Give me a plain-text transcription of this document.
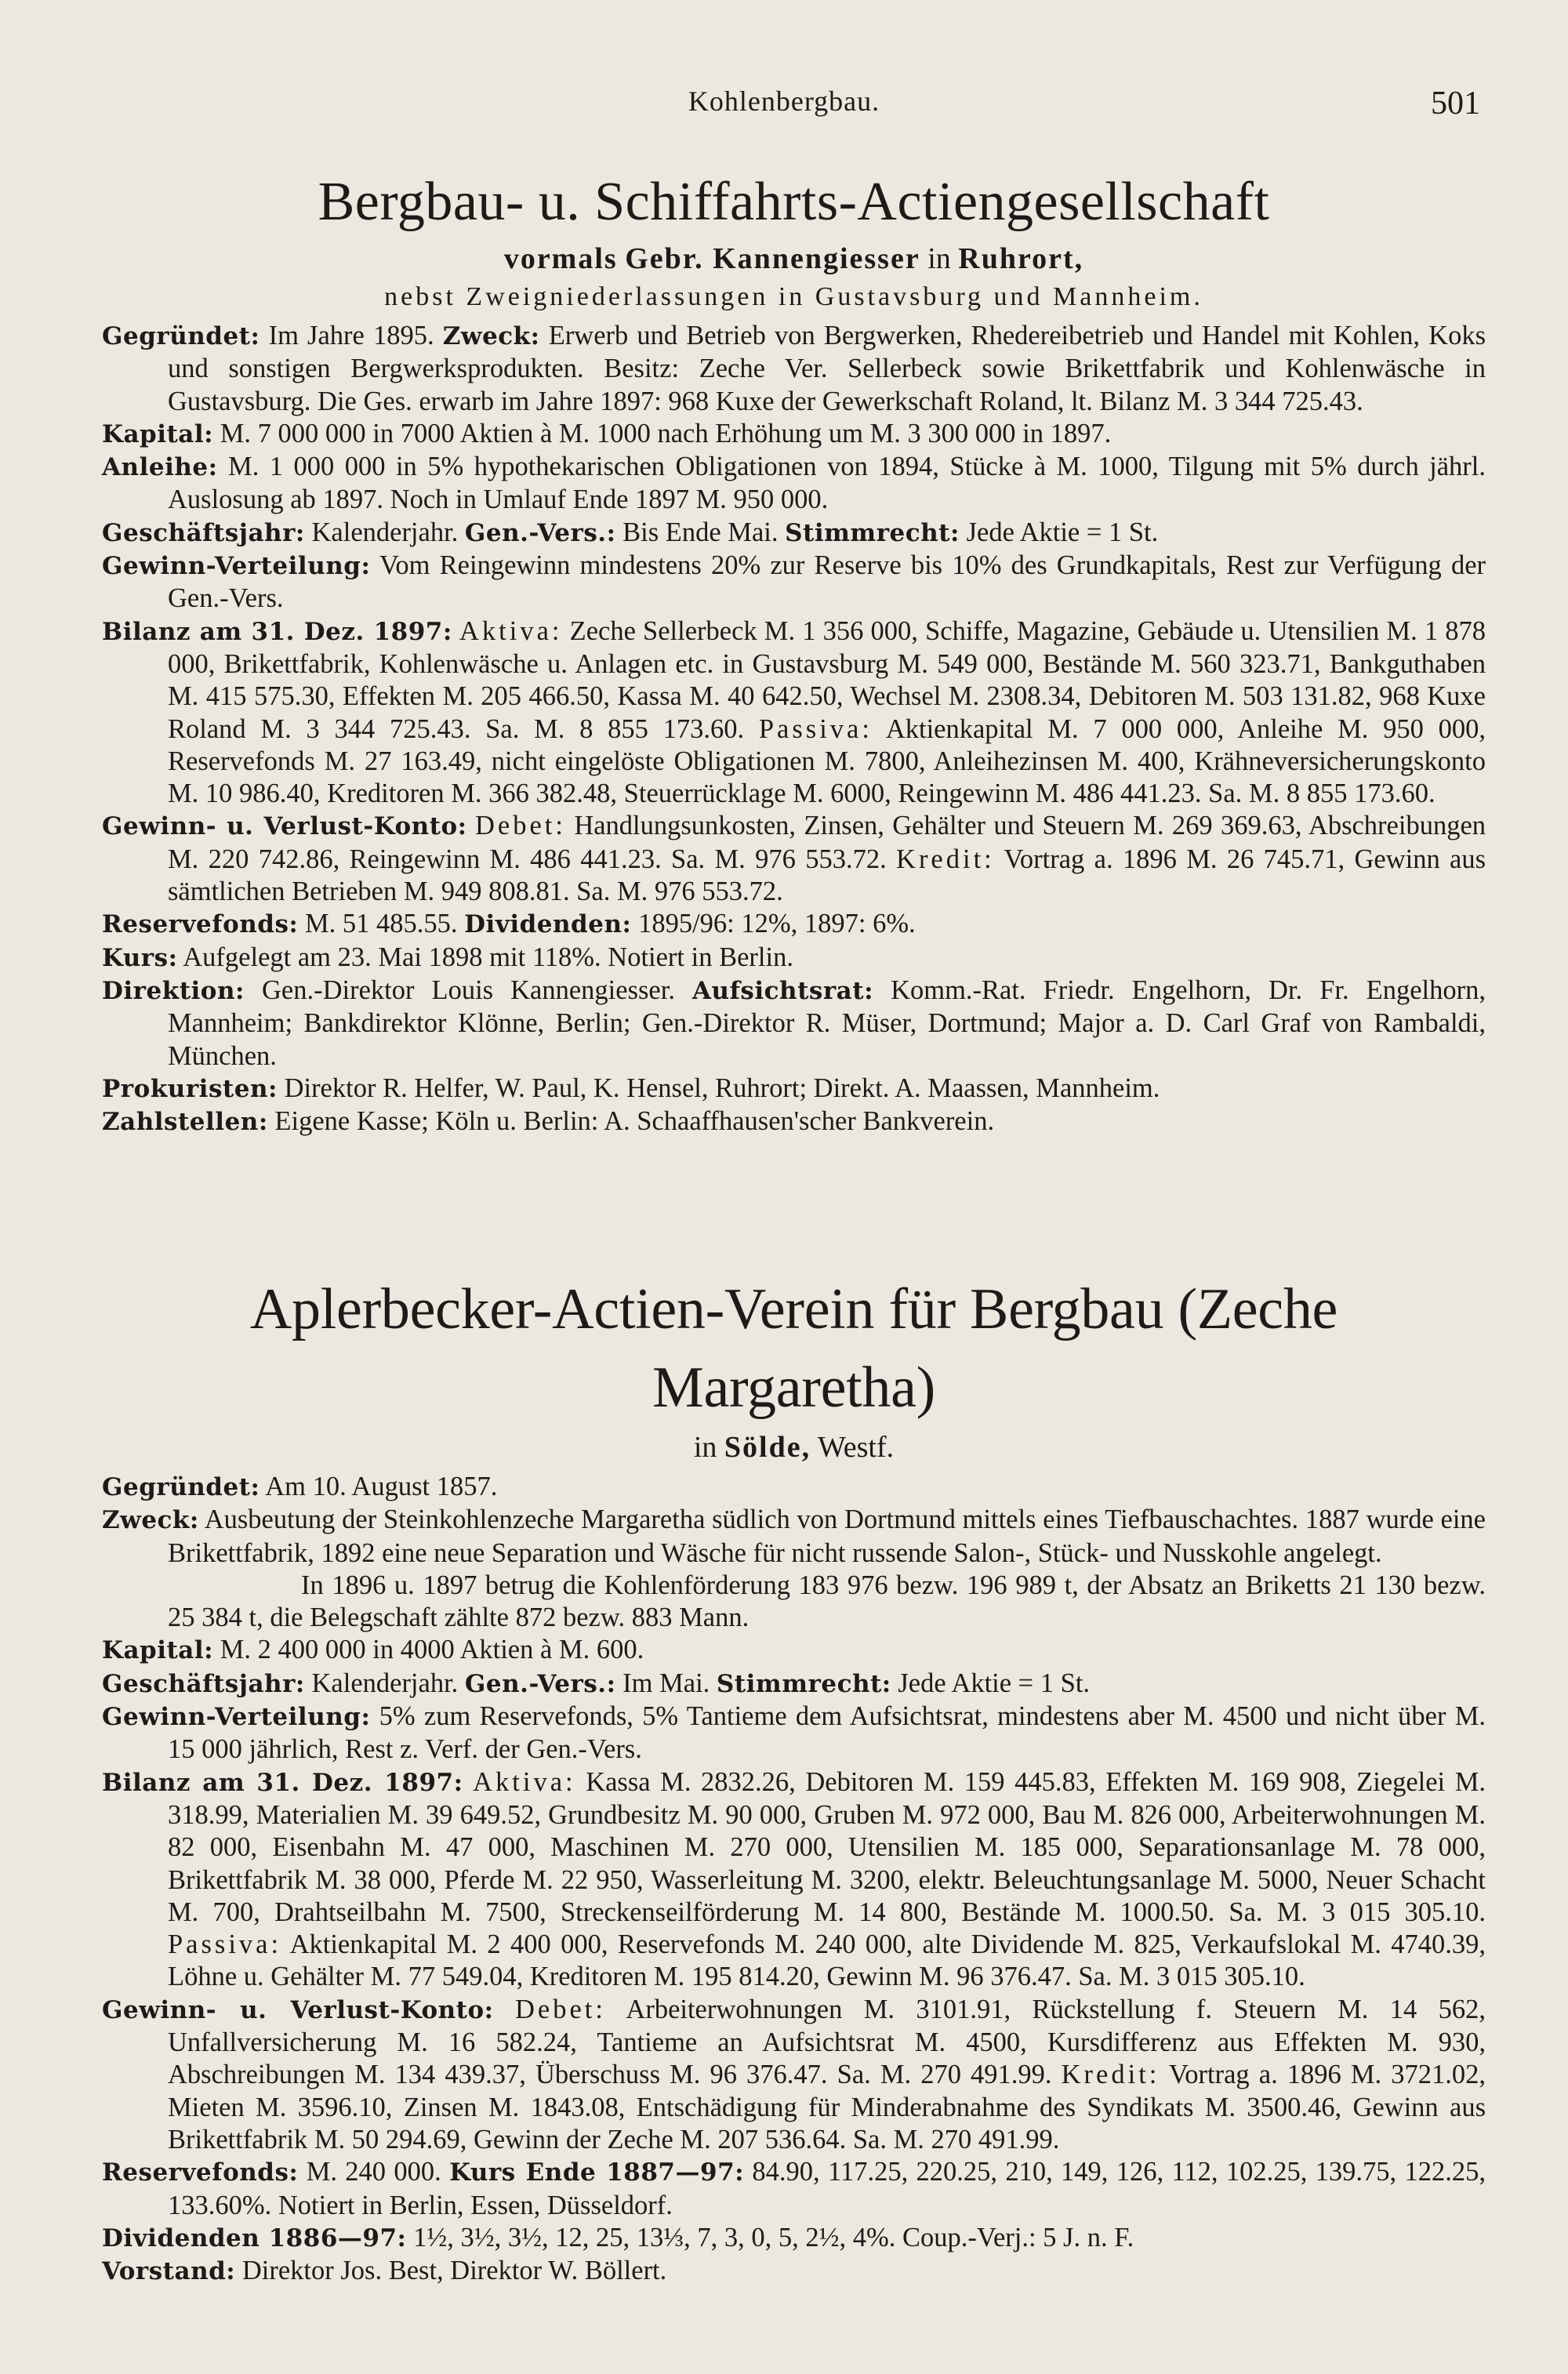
Kohlenbergbau.	501
Bergbau- u. Schiffahrts-Actiengesellschaft
vormals Gebr. Kannengiesser in Ruhrort,
nebst Zweigniederlassungen in Gustavsburg und Mannheim.

Gegründet: Im Jahre 1895. Zweck: Erwerb und Betrieb von Bergwerken, Rhedereibetrieb und Handel mit Kohlen, Koks und sonstigen Bergwerksprodukten. Besitz: Zeche Ver. Sellerbeck sowie Brikettfabrik und Kohlenwäsche in Gustavsburg. Die Ges. erwarb im Jahre 1897: 968 Kuxe der Gewerkschaft Roland, lt. Bilanz M. 3 344 725.43.

Kapital: M. 7 000 000 in 7000 Aktien à M. 1000 nach Erhöhung um M. 3 300 000 in 1897.

Anleihe: M. 1 000 000 in 5% hypothekarischen Obligationen von 1894, Stücke à M. 1000, Tilgung mit 5% durch jährl. Auslosung ab 1897. Noch in Umlauf Ende 1897 M. 950 000.

Geschäftsjahr: Kalenderjahr. Gen.-Vers.: Bis Ende Mai. Stimmrecht: Jede Aktie = 1 St.

Gewinn-Verteilung: Vom Reingewinn mindestens 20% zur Reserve bis 10% des Grundkapitals, Rest zur Verfügung der Gen.-Vers.

Bilanz am 31. Dez. 1897: Aktiva: Zeche Sellerbeck M. 1 356 000, Schiffe, Magazine, Gebäude u. Utensilien M. 1 878 000, Brikettfabrik, Kohlenwäsche u. Anlagen etc. in Gustavsburg M. 549 000, Bestände M. 560 323.71, Bankguthaben M. 415 575.30, Effekten M. 205 466.50, Kassa M. 40 642.50, Wechsel M. 2308.34, Debitoren M. 503 131.82, 968 Kuxe Roland M. 3 344 725.43. Sa. M. 8 855 173.60. Passiva: Aktienkapital M. 7 000 000, Anleihe M. 950 000, Reservefonds M. 27 163.49, nicht eingelöste Obligationen M. 7800, Anleihezinsen M. 400, Krähneversicherungskonto M. 10 986.40, Kreditoren M. 366 382.48, Steuerrücklage M. 6000, Reingewinn M. 486 441.23. Sa. M. 8 855 173.60.

Gewinn- u. Verlust-Konto: Debet: Handlungsunkosten, Zinsen, Gehälter und Steuern M. 269 369.63, Abschreibungen M. 220 742.86, Reingewinn M. 486 441.23. Sa. M. 976 553.72. Kredit: Vortrag a. 1896 M. 26 745.71, Gewinn aus sämtlichen Betrieben M. 949 808.81. Sa. M. 976 553.72.

Reservefonds: M. 51 485.55. Dividenden: 1895/96: 12%, 1897: 6%.

Kurs: Aufgelegt am 23. Mai 1898 mit 118%. Notiert in Berlin.

Direktion: Gen.-Direktor Louis Kannengiesser. Aufsichtsrat: Komm.-Rat. Friedr. Engelhorn, Dr. Fr. Engelhorn, Mannheim; Bankdirektor Klönne, Berlin; Gen.-Direktor R. Müser, Dortmund; Major a. D. Carl Graf von Rambaldi, München.

Prokuristen: Direktor R. Helfer, W. Paul, K. Hensel, Ruhrort; Direkt. A. Maassen, Mannheim.

Zahlstellen: Eigene Kasse; Köln u. Berlin: A. Schaaffhausen'scher Bankverein.

Aplerbecker-Actien-Verein für Bergbau (Zeche Margaretha)
in Sölde, Westf.

Gegründet: Am 10. August 1857.

Zweck: Ausbeutung der Steinkohlenzeche Margaretha südlich von Dortmund mittels eines Tiefbauschachtes. 1887 wurde eine Brikettfabrik, 1892 eine neue Separation und Wäsche für nicht russende Salon-, Stück- und Nusskohle angelegt.

In 1896 u. 1897 betrug die Kohlenförderung 183 976 bezw. 196 989 t, der Absatz an Briketts 21 130 bezw. 25 384 t, die Belegschaft zählte 872 bezw. 883 Mann.

Kapital: M. 2 400 000 in 4000 Aktien à M. 600.

Geschäftsjahr: Kalenderjahr. Gen.-Vers.: Im Mai. Stimmrecht: Jede Aktie = 1 St.

Gewinn-Verteilung: 5% zum Reservefonds, 5% Tantieme dem Aufsichtsrat, mindestens aber M. 4500 und nicht über M. 15 000 jährlich, Rest z. Verf. der Gen.-Vers.

Bilanz am 31. Dez. 1897: Aktiva: Kassa M. 2832.26, Debitoren M. 159 445.83, Effekten M. 169 908, Ziegelei M. 318.99, Materialien M. 39 649.52, Grundbesitz M. 90 000, Gruben M. 972 000, Bau M. 826 000, Arbeiterwohnungen M. 82 000, Eisenbahn M. 47 000, Maschinen M. 270 000, Utensilien M. 185 000, Separationsanlage M. 78 000, Brikettfabrik M. 38 000, Pferde M. 22 950, Wasserleitung M. 3200, elektr. Beleuchtungsanlage M. 5000, Neuer Schacht M. 700, Drahtseilbahn M. 7500, Streckenseilförderung M. 14 800, Bestände M. 1000.50. Sa. M. 3 015 305.10. Passiva: Aktienkapital M. 2 400 000, Reservefonds M. 240 000, alte Dividende M. 825, Verkaufslokal M. 4740.39, Löhne u. Gehälter M. 77 549.04, Kreditoren M. 195 814.20, Gewinn M. 96 376.47. Sa. M. 3 015 305.10.

Gewinn- u. Verlust-Konto: Debet: Arbeiterwohnungen M. 3101.91, Rückstellung f. Steuern M. 14 562, Unfallversicherung M. 16 582.24, Tantieme an Aufsichtsrat M. 4500, Kursdifferenz aus Effekten M. 930, Abschreibungen M. 134 439.37, Überschuss M. 96 376.47. Sa. M. 270 491.99. Kredit: Vortrag a. 1896 M. 3721.02, Mieten M. 3596.10, Zinsen M. 1843.08, Entschädigung für Minderabnahme des Syndikats M. 3500.46, Gewinn aus Brikettfabrik M. 50 294.69, Gewinn der Zeche M. 207 536.64. Sa. M. 270 491.99.

Reservefonds: M. 240 000. Kurs Ende 1887—97: 84.90, 117.25, 220.25, 210, 149, 126, 112, 102.25, 139.75, 122.25, 133.60%. Notiert in Berlin, Essen, Düsseldorf.

Dividenden 1886—97: 1½, 3½, 3½, 12, 25, 13⅓, 7, 3, 0, 5, 2½, 4%. Coup.-Verj.: 5 J. n. F.

Vorstand: Direktor Jos. Best, Direktor W. Böllert.
